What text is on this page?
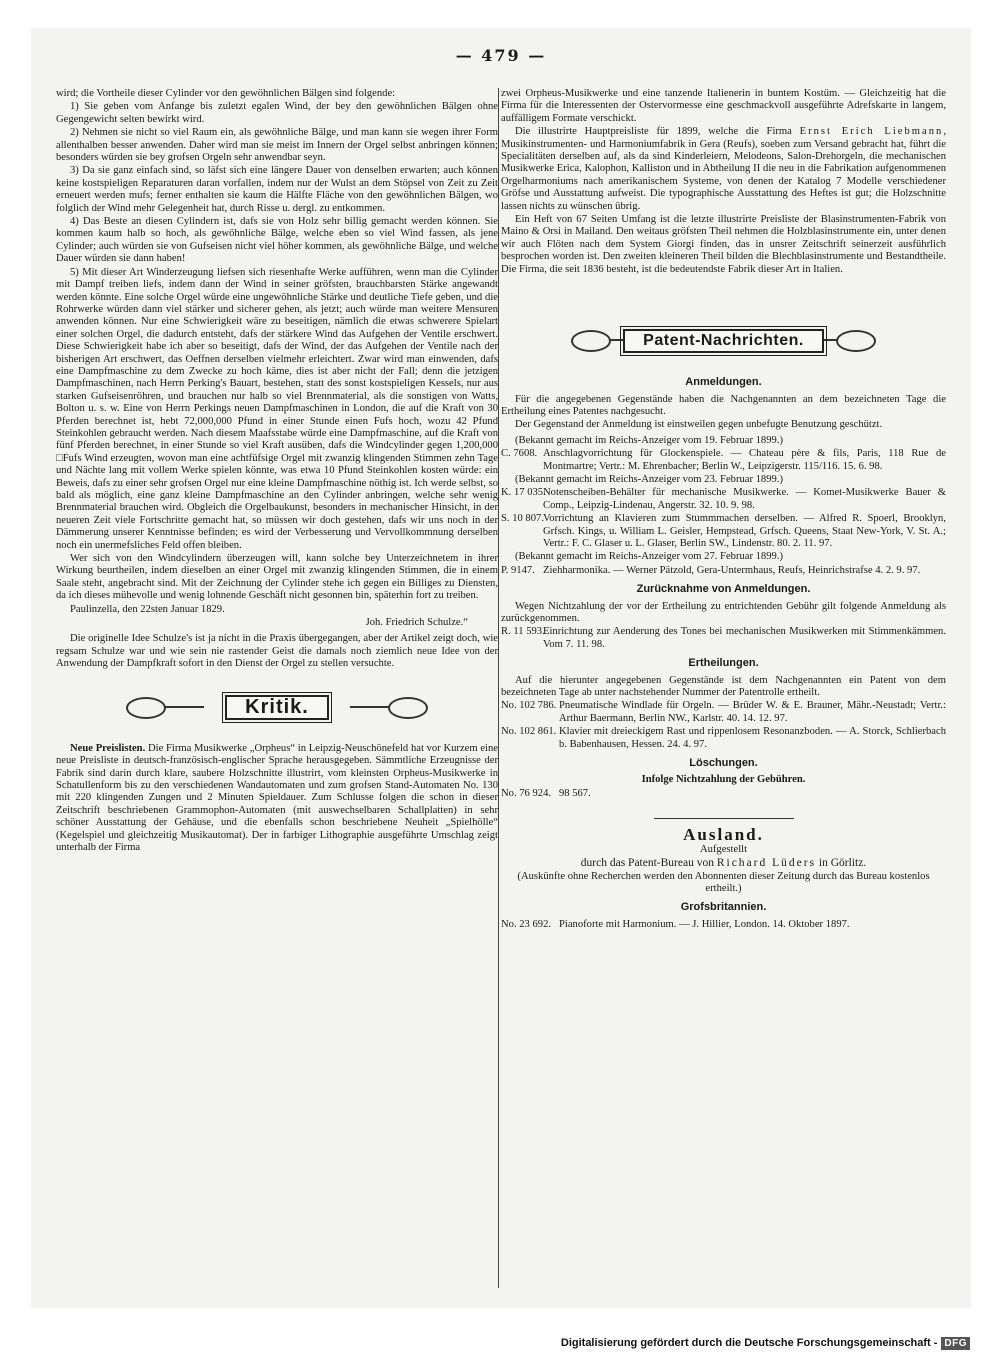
— 479 —

wird; die Vortheile dieser Cylinder vor den gewöhnlichen Bälgen sind folgende:

1) Sie geben vom Anfange bis zuletzt egalen Wind, der bey den gewöhnlichen Bälgen ohne Gegengewicht selten bewirkt wird.

2) Nehmen sie nicht so viel Raum ein, als gewöhnliche Bälge, und man kann sie wegen ihrer Form allenthalben besser anwenden. Daher wird man sie meist im Innern der Orgel selbst anbringen können; besonders würden sie bey grofsen Orgeln sehr anwendbar seyn.

3) Da sie ganz einfach sind, so läfst sich eine längere Dauer von denselben erwarten; auch können keine kostspieligen Reparaturen daran vorfallen, indem nur der Wulst an dem Stöpsel von Zeit zu Zeit erneuert werden mufs; ferner enthalten sie kaum die Hälfte Fläche von den gewöhnlichen Bälgen, wo folglich der Wind mehr Gelegenheit hat, durch Risse u. dergl. zu entkommen.

4) Das Beste an diesen Cylindern ist, dafs sie von Holz sehr billig gemacht werden können. Sie kommen kaum halb so hoch, als gewöhnliche Bälge, welche eben so viel Wind fassen, als jene Cylinder; auch würden sie von Gufseisen nicht viel höher kommen, als gewöhnliche Bälge, und welche Dauer würden sie dann haben!

5) Mit dieser Art Winderzeugung liefsen sich riesenhafte Werke aufführen, wenn man die Cylinder mit Dampf treiben liefs, indem dann der Wind in seiner gröfsten, brauchbarsten Stärke angewandt werden könnte. Eine solche Orgel würde eine ungewöhnliche Stärke und deutliche Tiefe geben, und die Rohrwerke würden dann viel stärker und sicherer gehen, als jetzt; auch würde man weitere Mensuren anwenden können. Nur eine Schwierigkeit wäre zu beseitigen, nämlich die etwas schwerere Spielart einer solchen Orgel, die dadurch entsteht, dafs der stärkere Wind das Aufgehen der Ventile erschwert. Diese Schwierigkeit habe ich aber so beseitigt, dafs der Wind, der das Aufgehen der Ventile nach der bisherigen Art erschwert, das Oeffnen derselben vielmehr erleichtert. Zwar wird man einwenden, dafs eine Dampfmaschine zu dem Zwecke zu hoch käme, dies ist aber nicht der Fall; denn die jetzigen Dampfmaschinen, nach Herrn Perking's Bauart, bestehen, statt des sonst kostspieligen Kessels, nur aus starken Gufseisenröhren, und brauchen nur halb so viel Brennmaterial, als die sonstigen von Watts, Bolton u. s. w. Eine von Herrn Perkings neuen Dampfmaschinen in London, die auf die Kraft von 30 Pferden berechnet ist, hebt 72,000,000 Pfund in einer Stunde einen Fufs hoch, wozu 42 Pfund Steinkohlen gebraucht werden. Nach diesem Maafsstabe würde eine Dampfmaschine, auf die Kraft von fünf Pferden berechnet, in einer Stunde so viel Kraft ausüben, dafs die Windcylinder gegen 1,200,000 □Fufs Wind erzeugten, wovon man eine achtfüfsige Orgel mit zwanzig klingenden Stimmen zehn Tage und Nächte lang mit vollem Werke spielen könnte, was etwa 10 Pfund Steinkohlen kosten würde: ein Beweis, dafs zu einer sehr grofsen Orgel nur eine kleine Dampfmaschine nöthig ist. Ich werde selbst, so bald als möglich, eine ganz kleine Dampfmaschine an den Cylinder anbringen, welche sehr wenig Brennmaterial brauchen wird. Obgleich die Orgelbaukunst, besonders in mechanischer Hinsicht, in der neueren Zeit viele Fortschritte gemacht hat, so müssen wir doch gestehen, dafs wir uns noch in der Dämmerung unserer Kenntnisse befinden; es wird der Verbesserung und Vervollkommnung derselben noch ein unermefsliches Feld offen bleiben.

Wer sich von den Windcylindern überzeugen will, kann solche bey Unterzeichnetem in ihrer Wirkung beurtheilen, indem dieselben an einer Orgel mit zwanzig klingenden Stimmen, die in einem Saale steht, angebracht sind. Mit der Zeichnung der Cylinder stehe ich gegen ein Billiges zu Diensten, da ich dieses mühevolle und wenig lohnende Geschäft nicht gesonnen bin, späterhin fort zu treiben.

Paulinzella, den 22sten Januar 1829.

Joh. Friedrich Schulze.“

Die originelle Idee Schulze's ist ja nicht in die Praxis übergegangen, aber der Artikel zeigt doch, wie regsam Schulze war und wie sein nie rastender Geist die damals noch ziemlich neue Idee von der Anwendung der Dampfkraft sofort in den Dienst der Orgel zu stellen versuchte.

Kritik.

Neue Preislisten. Die Firma Musikwerke „Orpheus“ in Leipzig-Neuschönefeld hat vor Kurzem eine neue Preisliste in deutsch-französisch-englischer Sprache herausgegeben. Sämmtliche Erzeugnisse der Fabrik sind darin durch klare, saubere Holzschnitte illustrirt, vom kleinsten Orpheus-Musikwerke in Schatullenform bis zu den verschiedenen Wandautomaten und zum grofsen Stand-Automaten No. 130 mit 220 klingenden Zungen und 2 Minuten Spieldauer. Zum Schlusse folgen die schon in dieser Zeitschrift beschriebenen Grammophon-Automaten (mit auswechselbaren Schallplatten) in sehr schöner Ausstattung der Gehäuse, und die ebenfalls schon beschriebene Neuheit „Spielhölle“ (Kegelspiel und gleichzeitig Musikautomat). Der in farbiger Lithographie ausgeführte Umschlag zeigt unterhalb der Firma

zwei Orpheus-Musikwerke und eine tanzende Italienerin in buntem Kostüm. — Gleichzeitig hat die Firma für die Interessenten der Ostervormesse eine geschmackvoll ausgeführte Adrefskarte in langem, auffälligem Formate verschickt.

Die illustrirte Hauptpreisliste für 1899, welche die Firma Ernst Erich Liebmann, Musikinstrumenten- und Harmoniumfabrik in Gera (Reufs), soeben zum Versand gebracht hat, führt die Specialitäten derselben auf, als da sind Kinderleiern, Melodeons, Salon-Drehorgeln, die mechanischen Musikwerke Erica, Kalophon, Kalliston und in Abtheilung II die neu in die Fabrikation aufgenommenen Orgelharmoniums nach amerikanischem Systeme, von denen der Katalog 7 Modelle verschiedener Gröfse und Ausstattung aufweist. Die typographische Ausstattung des Heftes ist gut; die Holzschnitte lassen nichts zu wünschen übrig.

Ein Heft von 67 Seiten Umfang ist die letzte illustrirte Preisliste der Blasinstrumenten-Fabrik von Maino & Orsi in Mailand. Den weitaus gröfsten Theil nehmen die Holzblasinstrumente ein, unter denen wir auch Flöten nach dem System Giorgi finden, das in unsrer Zeitschrift seinerzeit ausführlich besprochen worden ist. Den zweiten kleineren Theil bilden die Blechblasinstrumente und Bestandtheile. Die Firma, die seit 1836 besteht, ist die bedeutendste Fabrik dieser Art in Italien.

Patent-Nachrichten.
Anmeldungen.

Für die angegebenen Gegenstände haben die Nachgenannten an dem bezeichneten Tage die Ertheilung eines Patentes nachgesucht.

Der Gegenstand der Anmeldung ist einstweilen gegen unbefugte Benutzung geschützt.

(Bekannt gemacht im Reichs-Anzeiger vom 19. Februar 1899.)

C. 7608. Anschlagvorrichtung für Glockenspiele. — Chateau père & fils, Paris, 118 Rue de Montmartre; Vertr.: M. Ehrenbacher; Berlin W., Leipzigerstr. 115/116. 15. 6. 98.

(Bekannt gemacht im Reichs-Anzeiger vom 23. Februar 1899.)

K. 17 035.
Notenscheiben-Behälter für mechanische Musikwerke. — Komet-Musikwerke Bauer & Comp., Leipzig-Lindenau, Angerstr. 32. 10. 9. 98.
S. 10 807. Vorrichtung an Klavieren zum Stummmachen derselben. — Alfred R. Spoerl, Brooklyn, Grfsch. Kings, u. William L. Geisler, Hempstead, Grfsch. Queens, Staat New-York, V. St. A.; Vertr.: F. C. Glaser u. L. Glaser, Berlin SW., Lindenstr. 80. 2. 11. 97.

(Bekannt gemacht im Reichs-Anzeiger vom 27. Februar 1899.)

P. 9147. Ziehharmonika. — Werner Pätzold, Gera-Untermhaus, Reufs, Heinrichstrafse 4. 2. 9. 97.
Zurücknahme von Anmeldungen.

Wegen Nichtzahlung der vor der Ertheilung zu entrichtenden Gebühr gilt folgende Anmeldung als zurückgenommen.

R. 11 593.
Einrichtung zur Aenderung des Tones bei mechanischen Musikwerken mit Stimmenkämmen. Vom 7. 11. 98.
Ertheilungen.

Auf die hierunter angegebenen Gegenstände ist dem Nachgenannten ein Patent von dem bezeichneten Tage ab unter nachstehender Nummer der Patentrolle ertheilt.

No. 102 786. Pneumatische Windlade für Orgeln. — Brüder W. & E. Brauner, Mähr.-Neustadt; Vertr.: Arthur Baermann, Berlin NW., Karlstr. 40. 14. 12. 97.
No. 102 861. Klavier mit dreieckigem Rast und rippenlosem Resonanzboden. — A. Storck, Schlierbach b. Babenhausen, Hessen. 24. 4. 97.
Löschungen.

Infolge Nichtzahlung der Gebühren.

No. 76 924.   98 567.

Ausland.

Aufgestellt

durch das Patent-Bureau von Richard Lüders in Görlitz.

(Auskünfte ohne Recherchen werden den Abonnenten dieser Zeitung durch das Bureau kostenlos ertheilt.)

Grofsbritannien.
No. 23 692. Pianoforte mit Harmonium. — J. Hillier, London. 14. Oktober 1897.
Digitalisierung gefördert durch die Deutsche Forschungsgemeinschaft - DFG
